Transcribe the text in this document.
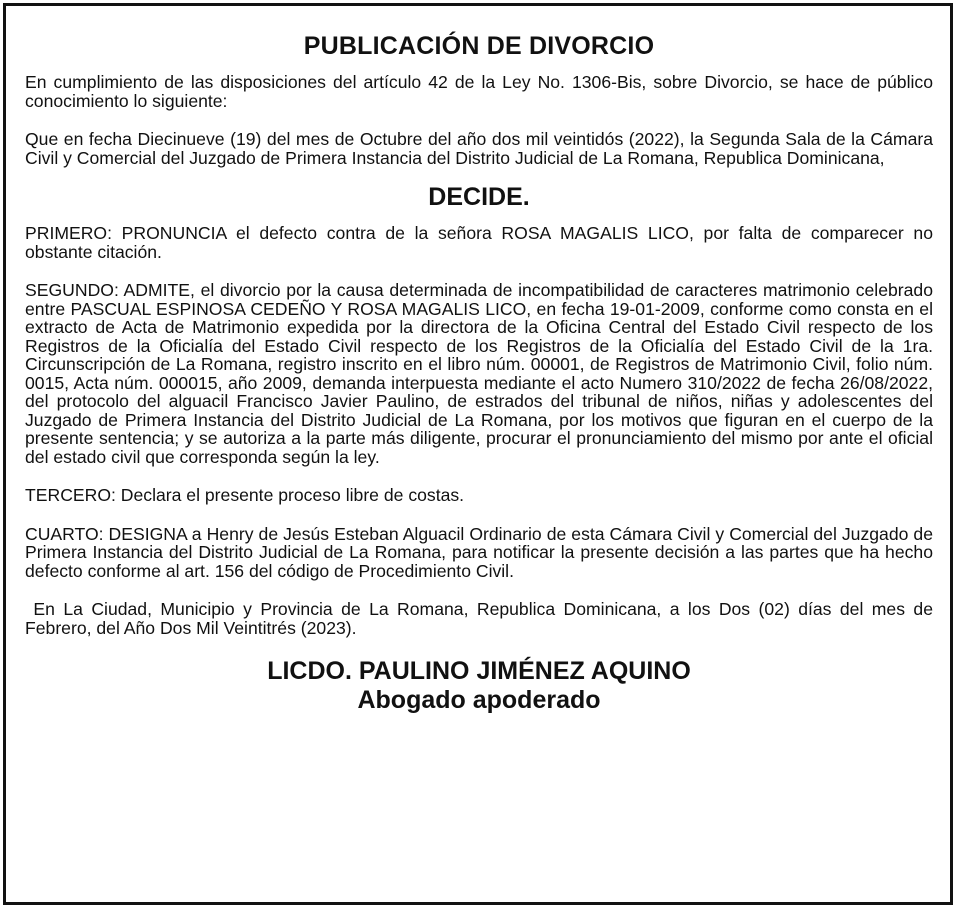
PUBLICACIÓN DE DIVORCIO

En cumplimiento de las disposiciones del artículo 42 de la Ley No. 1306-Bis, sobre Divorcio, se hace de público conocimiento lo siguiente:

Que en fecha Diecinueve (19) del mes de Octubre del año dos mil veintidós (2022), la Segunda Sala de la Cámara Civil y Comercial del Juzgado de Primera Instancia del Distrito Judicial de La Romana, Republica Dominicana,

DECIDE.

PRIMERO: PRONUNCIA el defecto contra de la señora ROSA MAGALIS LICO, por falta de comparecer no obstante citación.

SEGUNDO: ADMITE, el divorcio por la causa determinada de incompatibilidad de caracteres matrimonio celebrado entre PASCUAL ESPINOSA CEDEÑO Y ROSA MAGALIS LICO, en fecha 19-01-2009, conforme como consta en el extracto de Acta de Matrimonio expedida por la directora de la Oficina Central del Estado Civil respecto de los Registros de la Oficialía del Estado Civil respecto de los Registros de la Oficialía del Estado Civil de la 1ra. Circunscripción de La Romana, registro inscrito en el libro núm. 00001, de Registros de Matrimonio Civil, folio núm. 0015, Acta núm. 000015, año 2009, demanda interpuesta mediante el acto Numero 310/2022 de fecha 26/08/2022, del protocolo del alguacil Francisco Javier Paulino, de estrados del tribunal de niños, niñas y adolescentes del Juzgado de Primera Instancia del Distrito Judicial de La Romana, por los motivos que figuran en el cuerpo de la presente sentencia; y se autoriza a la parte más diligente, procurar el pronunciamiento del mismo por ante el oficial del estado civil que corresponda según la ley.

TERCERO: Declara el presente proceso libre de costas.

CUARTO: DESIGNA a Henry de Jesús Esteban Alguacil Ordinario de esta Cámara Civil y Comercial del Juzgado de Primera Instancia del Distrito Judicial de La Romana, para notificar la presente decisión a las partes que ha hecho defecto conforme al art. 156 del código de Procedimiento Civil.

En La Ciudad, Municipio y Provincia de La Romana, Republica Dominicana, a los Dos (02) días del mes de Febrero, del Año Dos Mil Veintitrés (2023).

LICDO. PAULINO JIMÉNEZ AQUINO
Abogado apoderado
